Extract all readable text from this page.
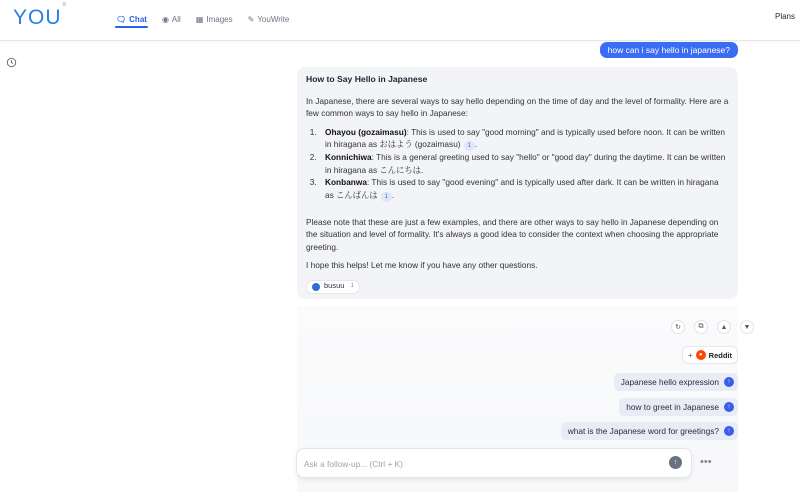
YOU®
🗨 Chat ◉ All ▦ Images ✎ YouWrite	Plans
how can i say hello in japanese?
How to Say Hello in Japanese

In Japanese, there are several ways to say hello depending on the time of day and the level of formality. Here are a few common ways to say hello in Japanese:

1. Ohayou (gozaimasu): This is used to say "good morning" and is typically used before noon. It can be written in hiragana as おはよう (gozaimasu) 1 .
2. Konnichiwa: This is a general greeting used to say "hello" or "good day" during the daytime. It can be written in hiragana as こんにちは.
3. Konbanwa: This is used to say "good evening" and is typically used after dark. It can be written in hiragana as こんばんは 1 .

Please note that these are just a few examples, and there are other ways to say hello in Japanese depending on the situation and level of formality. It's always a good idea to consider the context when choosing the appropriate greeting.

I hope this helps! Let me know if you have any other questions.

busuu 1
↻	⧉	▲	▼
+	● Reddit
Japanese hello expression	↑
how to greet in Japanese	↑
what is the Japanese word for greetings?	↑
Ask a follow-up... (Ctrl + K)
↑ •••
